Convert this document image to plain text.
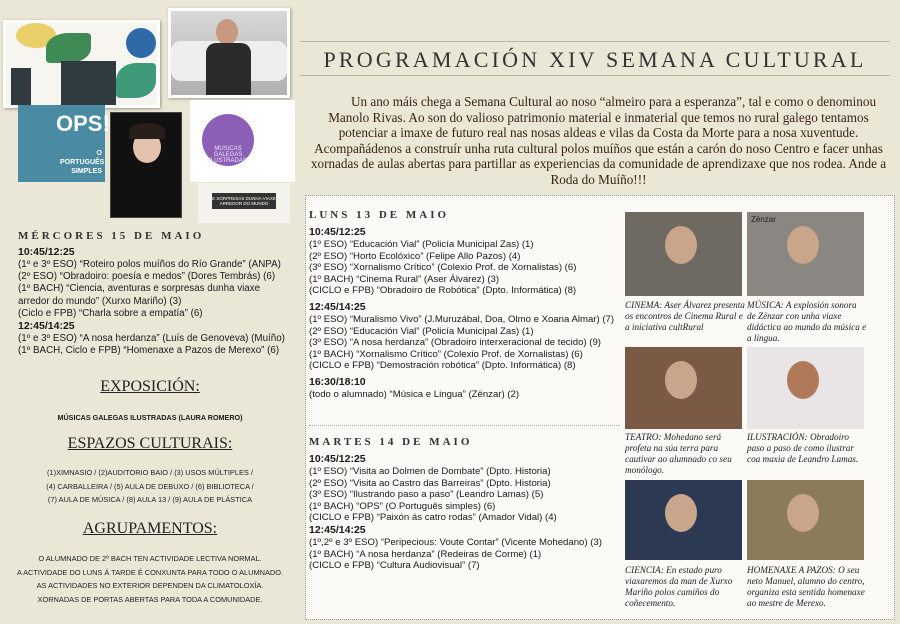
OPS!
O PORTUGUÊS SIMPLES
MUSICAS GALEGAS ILUSTRADAS
E SORPRESAS DUNHA VIAXE ARREDOR DO MUNDO
MÉRCORES 15 DE MAIO
10:45/12:25
(1º e 3º ESO) “Roteiro polos muíños do Río Grande” (ANPA)
(2º ESO) “Obradoiro: poesía e medos” (Dores Tembrás) (6)
(1º BACH) “Ciencia, aventuras e sorpresas dunha viaxe arredor do mundo” (Xurxo Mariño) (3)
(Ciclo e FPB) “Charla sobre a empatía” (6)
12:45/14:25
(1º e 3º ESO) “A nosa herdanza” (Luís de Genoveva) (Muíño)
(1º BACH, Ciclo e FPB) “Homenaxe a Pazos de Merexo” (6)
EXPOSICIÓN:
MÚSICAS GALEGAS ILUSTRADAS (LAURA ROMERO)
ESPAZOS CULTURAIS:
(1)XIMNASIO / (2)AUDITORIO BAIO / (3) USOS MÚLTIPLES /
(4) CARBALLEIRA / (5) AULA DE DEBUXO / (6) BIBLIOTECA /
(7) AULA DE MÚSICA / (8) AULA 13 / (9) AULA DE PLÁSTICA
AGRUPAMENTOS:
O ALUMNADO DE 2º BACH TEN ACTIVIDADE LECTIVA NORMAL.
A ACTIVIDADE DO LUNS Á TARDE É CONXUNTA PARA TODO O ALUMNADO.
AS ACTIVIDADES NO EXTERIOR DEPENDEN DA CLIMATOLOXÍA.
XORNADAS DE PORTAS ABERTAS PARA TODA A COMUNIDADE.
PROGRAMACIÓN XIV SEMANA CULTURAL
Un ano máis chega a Semana Cultural ao noso “almeiro para a esperanza”, tal e como o denominou Manolo Rivas. Ao son do valioso patrimonio material e inmaterial que temos no rural galego tentamos potenciar a imaxe de futuro real nas nosas aldeas e vilas da Costa da Morte para a nosa xuventude. Acompañádenos a construír unha ruta cultural polos muíños que están a carón do noso Centro e facer unhas xornadas de aulas abertas para partillar as experiencias da comunidade de aprendizaxe que nos rodea. Ande a Roda do Muíño!!!
LUNS 13 DE MAIO
10:45/12:25
(1º ESO) “Educación Vial” (Policía Municipal Zas) (1)
(2º ESO) “Horto Ecolóxico” (Felipe Allo Pazos) (4)
(3º ESO) “Xornalismo Crítico” (Colexio Prof. de Xornalistas) (6)
(1º BACH) “Cinema Rural” (Aser Álvarez) (3)
(CICLO e FPB) “Obradoiro de Robótica” (Dpto. Informática) (8)
12:45/14:25
(1º ESO) “Muralismo Vivo” (J.Muruzábal, Doa, Olmo e Xoana Almar) (7)
(2º ESO) “Educación Vial” (Policía Municipal Zas) (1)
(3º ESO) “A nosa herdanza” (Obradoiro interxeracional de tecido) (9)
(1º BACH) “Xornalismo Crítico” (Colexio Prof. de Xornalistas) (6)
(CICLO e FPB) “Demostración robótica” (Dpto. Informática) (8)
16:30/18:10
(todo o alumnado) “Música e Lingua” (Zënzar) (2)
MARTES 14 DE MAIO
10:45/12:25
(1º ESO) “Visita ao Dolmen de Dombate” (Dpto. Historia)
(2º ESO) “Visita ao Castro das Barreiras” (Dpto. Historia)
(3º ESO) “Ilustrando paso a paso” (Leandro Lamas) (5)
(1º BACH) “OPS” (O Português simples) (6)
(CICLO e FPB) “Paixón ás catro rodas” (Amador Vidal) (4)
12:45/14:25
(1º,2º e 3º ESO) “Peripecious: Voute Contar” (Vicente Mohedano) (3)
(1º BACH) “A nosa herdanza” (Redeiras de Corme) (1)
(CICLO e FPB) “Cultura Audiovisual” (7)
CINEMA: Aser Álvarez presenta os encontros de Cinema Rural e a iniciativa cultRural
Zënzar
MÚSICA: A explosión sonora de Zënzar con unha viaxe didáctica ao mundo da música e a lingua.
TEATRO: Mohedano será profeta na súa terra para cautivar ao alumnado co seu monólogo.
ILUSTRACIÓN: Obradoiro paso a paso de como ilustrar coa maxia de Leandro Lamas.
CIENCIA: En estado puro viaxaremos da man de Xurxo Mariño polos camiños do coñecemento.
HOMENAXE A PAZOS: O seu neto Manuel, alumno do centro, organiza esta sentida homenaxe ao mestre de Merexo.
